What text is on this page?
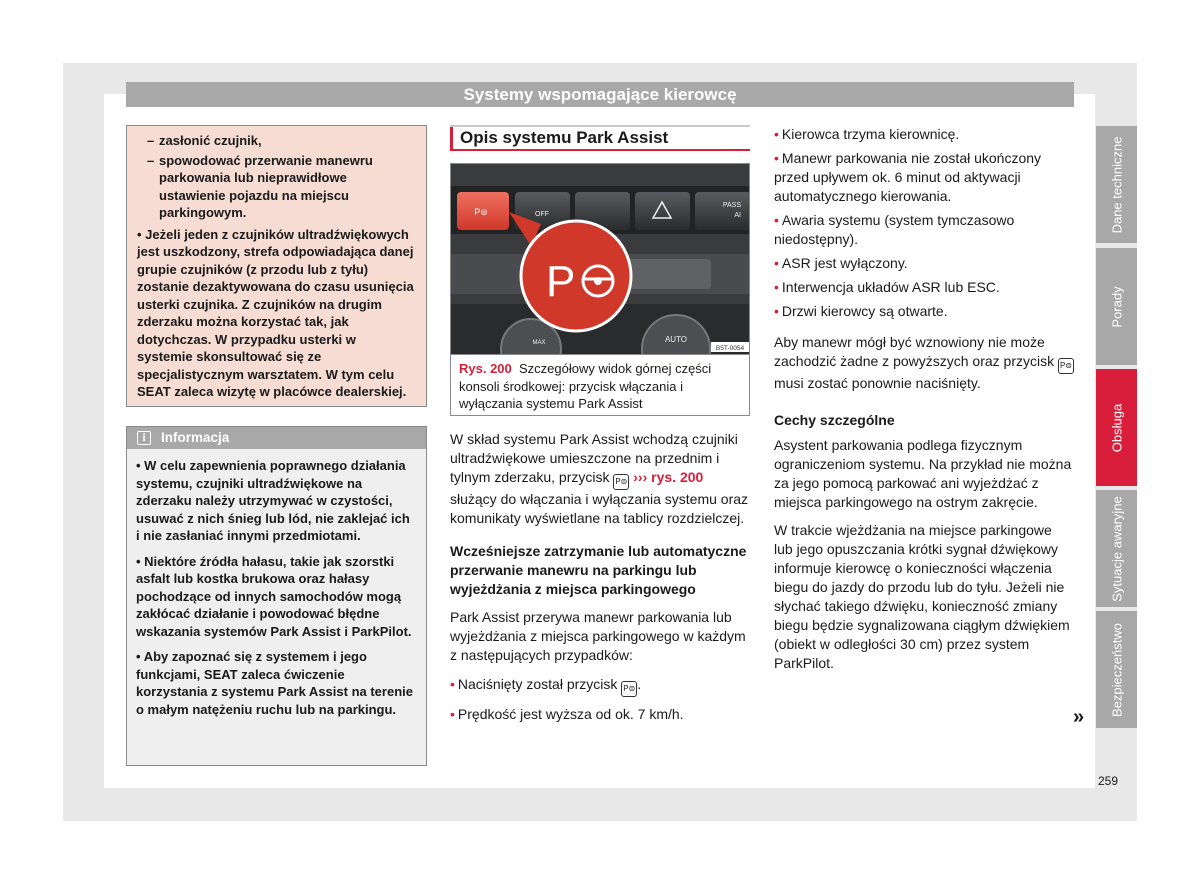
Systemy wspomagające kierowcę
– zasłonić czujnik,
– spowodować przerwanie manewru parkowania lub nieprawidłowe ustawienie pojazdu na miejscu parkingowym.
• Jeżeli jeden z czujników ultradźwiękowych jest uszkodzony, strefa odpowiadająca danej grupie czujników (z przodu lub z tyłu) zostanie dezaktywowana do czasu usunięcia usterki czujnika. Z czujników na drugim zderzaku można korzystać tak, jak dotychczas. W przypadku usterki w systemie skonsultować się ze specjalistycznym warsztatem. W tym celu SEAT zaleca wizytę w placówce dealerskiej.
i	Informacja

• W celu zapewnienia poprawnego działania systemu, czujniki ultradźwiękowe na zderzaku należy utrzymywać w czystości, usuwać z nich śnieg lub lód, nie zaklejać ich i nie zasłaniać innymi przedmiotami.

• Niektóre źródła hałasu, takie jak szorstki asfalt lub kostka brukowa oraz hałasy pochodzące od innych samochodów mogą zakłócać działanie i powodować błędne wskazania systemów Park Assist i ParkPilot.

• Aby zapoznać się z systemem i jego funkcjami, SEAT zaleca ćwiczenie korzystania z systemu Park Assist na terenie o małym natężeniu ruchu lub na parkingu.

Opis systemu Park Assist
P⊜	OFF
PASS
AI
AUTO
MAX
B5T-0054
P
Rys. 200 Szczegółowy widok górnej części konsoli środkowej: przycisk włączania i wyłączania systemu Park Assist

W skład systemu Park Assist wchodzą czujniki ultradźwiękowe umieszczone na przednim i tylnym zderzaku, przycisk P⊜ ››› rys. 200 służący do włączania i wyłączania systemu oraz komunikaty wyświetlane na tablicy rozdzielczej.

Wcześniejsze zatrzymanie lub automatyczne przerwanie manewru na parkingu lub wyjeżdżania z miejsca parkingowego

Park Assist przerywa manewr parkowania lub wyjeżdżania z miejsca parkingowego w każdym z następujących przypadków:

• Naciśnięty został przycisk P⊜ .
• Prędkość jest wyższa od ok. 7 km/h.
• Kierowca trzyma kierownicę.
• Manewr parkowania nie został ukończony przed upływem ok. 6 minut od aktywacji automatycznego kierowania.
• Awaria systemu (system tymczasowo niedostępny).
• ASR jest wyłączony.
• Interwencja układów ASR lub ESC.
• Drzwi kierowcy są otwarte.

Aby manewr mógł być wznowiony nie może zachodzić żadne z powyższych oraz przycisk P⊜ musi zostać ponownie naciśnięty.

Cechy szczególne

Asystent parkowania podlega fizycznym ograniczeniom systemu. Na przykład nie można za jego pomocą parkować ani wyjeżdżać z miejsca parkingowego na ostrym zakręcie.

W trakcie wjeżdżania na miejsce parkingowe lub jego opuszczania krótki sygnał dźwiękowy informuje kierowcę o konieczności włączenia biegu do jazdy do przodu lub do tyłu. Jeżeli nie słychać takiego dźwięku, konieczność zmiany biegu będzie sygnalizowana ciągłym dźwiękiem (obiekt w odległości 30 cm) przez system ParkPilot.

»
Dane techniczne
Porady
Obsługa
Sytuacje awaryjne
Bezpieczeństwo
259
